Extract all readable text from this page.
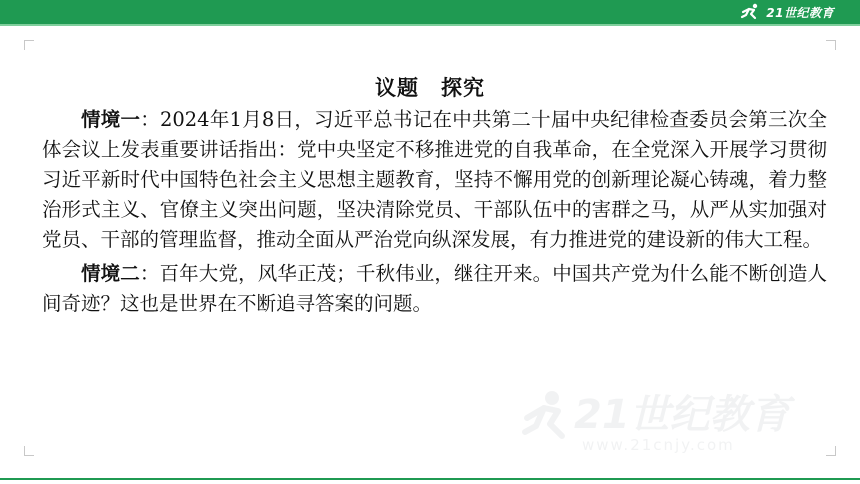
21世纪教育
议题　探究

情境一：2024年1月8日，习近平总书记在中共第二十届中央纪律检查委员会第三次全体会议上发表重要讲话指出：党中央坚定不移推进党的自我革命，在全党深入开展学习贯彻习近平新时代中国特色社会主义思想主题教育，坚持不懈用党的创新理论凝心铸魂，着力整治形式主义、官僚主义突出问题，坚决清除党员、干部队伍中的害群之马，从严从实加强对党员、干部的管理监督，推动全面从严治党向纵深发展，有力推进党的建设新的伟大工程。

情境二：百年大党，风华正茂；千秋伟业，继往开来。中国共产党为什么能不断创造人间奇迹？这也是世界在不断追寻答案的问题。

21世纪教育
www.21cnjy.com
